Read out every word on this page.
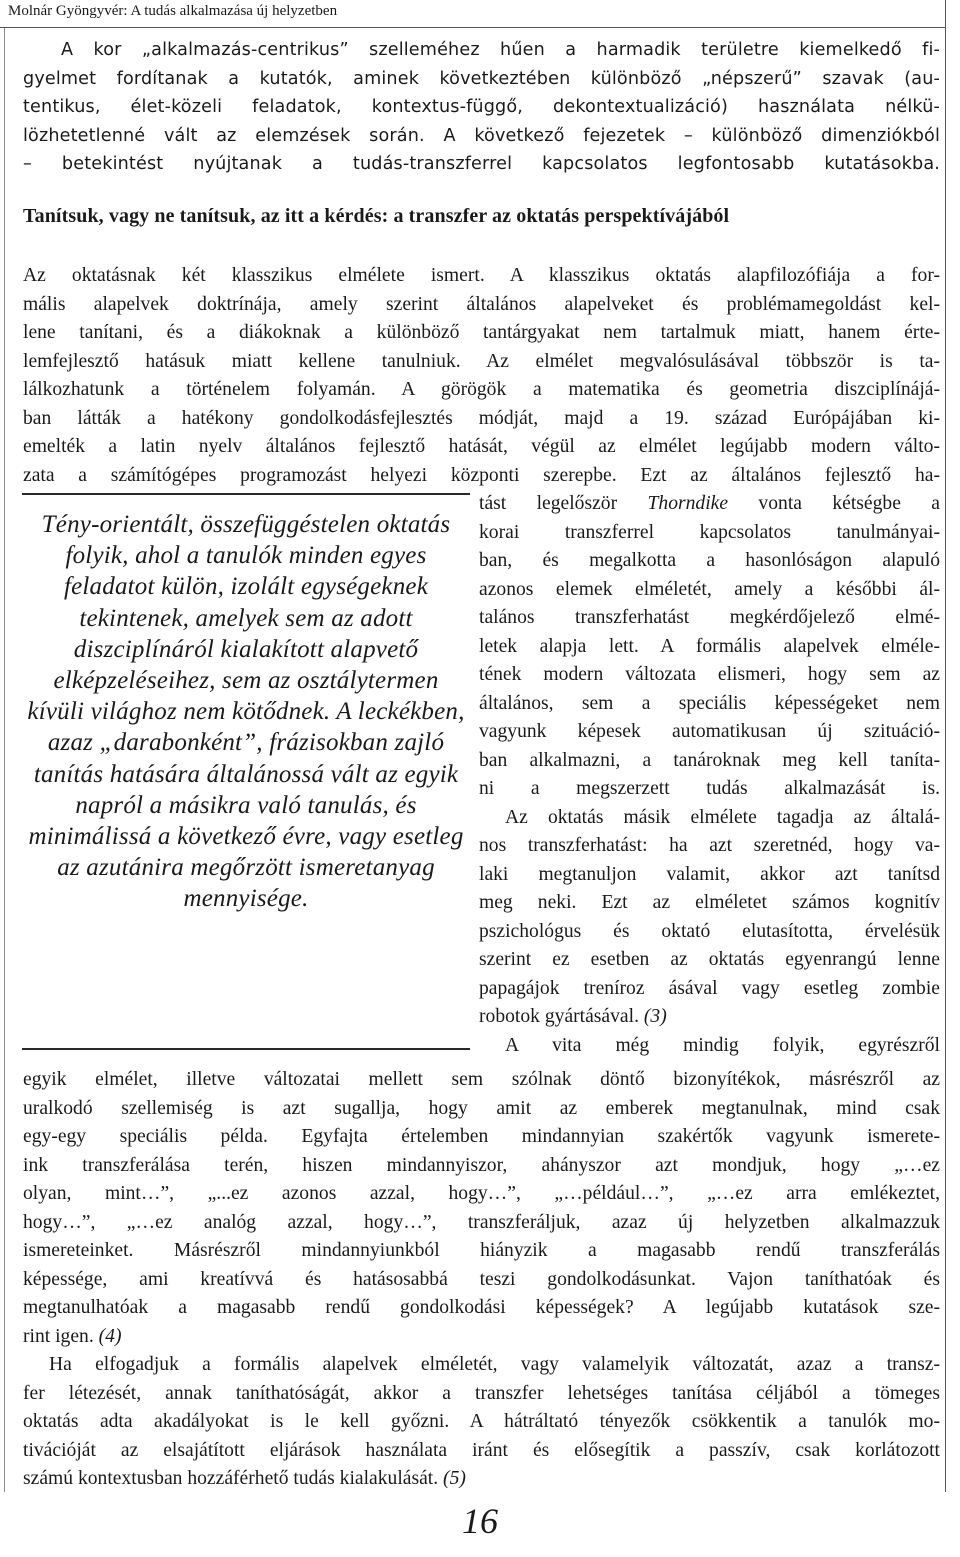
Molnár Gyöngyvér: A tudás alkalmazása új helyzetben
A kor „alkalmazás-centrikus” szelleméhez hűen a harmadik területre kiemelkedő fi-
gyelmet fordítanak a kutatók, aminek következtében különböző „népszerű” szavak (au-
tentikus, élet-közeli feladatok, kontextus-függő, dekontextualizáció) használata nélkü-
lözhetetlenné vált az elemzések során. A következő fejezetek – különböző dimenziókból
– betekintést nyújtanak a tudás-transzferrel kapcsolatos legfontosabb kutatásokba.
Tanítsuk, vagy ne tanítsuk, az itt a kérdés: a transzfer az oktatás perspektívájából
Az oktatásnak két klasszikus elmélete ismert. A klasszikus oktatás alapfilozófiája a for-
mális alapelvek doktrínája, amely szerint általános alapelveket és problémamegoldást kel-
lene tanítani, és a diákoknak a különböző tantárgyakat nem tartalmuk miatt, hanem érte-
lemfejlesztő hatásuk miatt kellene tanulniuk. Az elmélet megvalósulásával többször is ta-
lálkozhatunk a történelem folyamán. A görögök a matematika és geometria diszciplínájá-
ban látták a hatékony gondolkodásfejlesztés módját, majd a 19. század Európájában ki-
emelték a latin nyelv általános fejlesztő hatását, végül az elmélet legújabb modern válto-
zata a számítógépes programozást helyezi központi szerepbe. Ezt az általános fejlesztő ha-
Tény-orientált, összefüggéstelen oktatás folyik, ahol a tanulók minden egyes feladatot külön, izolált egységeknek tekintenek, amelyek sem az adott diszciplínáról kialakított alapvető elképzeléseihez, sem az osztálytermen kívüli világhoz nem kötődnek. A leckékben, azaz „darabonként”, frázisokban zajló tanítás hatására általánossá vált az egyik napról a másikra való tanulás, és minimálissá a következő évre, vagy esetleg az azutánira megőrzött ismeretanyag mennyisége.
tást legelőször Thorndike vonta kétségbe a
korai transzferrel kapcsolatos tanulmányai-
ban, és megalkotta a hasonlóságon alapuló
azonos elemek elméletét, amely a későbbi ál-
talános transzferhatást megkérdőjelező elmé-
letek alapja lett. A formális alapelvek elméle-
tének modern változata elismeri, hogy sem az
általános, sem a speciális képességeket nem
vagyunk képesek automatikusan új szituáció-
ban alkalmazni, a tanároknak meg kell tanítа-
ni a megszerzett tudás alkalmazását is.
Az oktatás másik elmélete tagadja az általá-
nos transzferhatást: ha azt szeretnéd, hogy va-
laki megtanuljon valamit, akkor azt tanítsd
meg neki. Ezt az elméletet számos kognitív
pszichológus és oktató elutasította, érvelésük
szerint ez esetben az oktatás egyenrangú lenne
papagájok treníroz ásával vagy esetleg zombie
robotok gyártásával. (3)
A vita még mindig folyik, egyrészről
egyik elmélet, illetve változatai mellett sem szólnak döntő bizonyítékok, másrészről az
uralkodó szellemiség is azt sugallja, hogy amit az emberek megtanulnak, mind csak
egy-egy speciális példa. Egyfajta értelemben mindannyian szakértők vagyunk ismerete-
ink transzferálása terén, hiszen mindannyiszor, ahányszor azt mondjuk, hogy „…ez
olyan, mint…”, „...ez azonos azzal, hogy…”, „…például…”, „…ez arra emlékeztet,
hogy…”, „…ez analóg azzal, hogy…”, transzferáljuk, azaz új helyzetben alkalmazzuk
ismereteinket. Másrészről mindannyiunkból hiányzik a magasabb rendű transzferálás
képessége, ami kreatívvá és hatásosabbá teszi gondolkodásunkat. Vajon taníthatóak és
megtanulhatóak a magasabb rendű gondolkodási képességek? A legújabb kutatások sze-
rint igen. (4)
Ha elfogadjuk a formális alapelvek elméletét, vagy valamelyik változatát, azaz a transz-
fer létezését, annak taníthatóságát, akkor a transzfer lehetséges tanítása céljából a tömeges
oktatás adta akadályokat is le kell győzni. A hátráltató tényezők csökkentik a tanulók mo-
tivációját az elsajátított eljárások használata iránt és elősegítik a passzív, csak korlátozott
számú kontextusban hozzáférhető tudás kialakulását. (5)
16
